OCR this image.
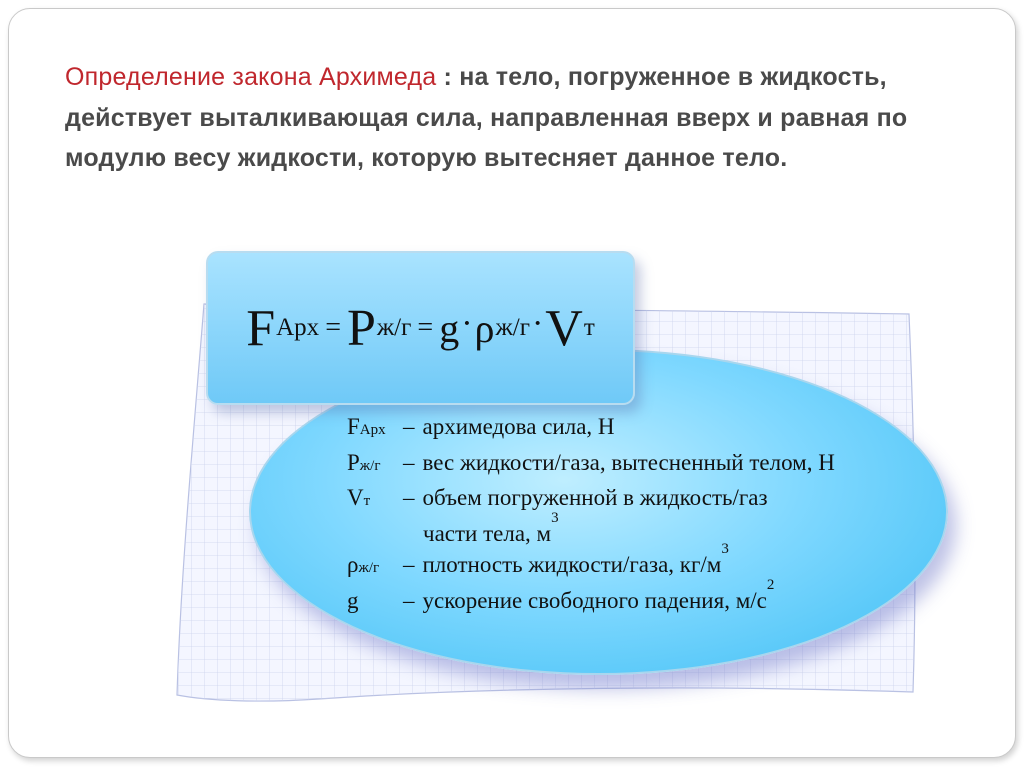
Определение закона Архимеда : на тело, погруженное в жидкость, действует выталкивающая сила, направленная вверх и равная по модулю весу жидкости, которую вытесняет данное тело.
FАрх – архимедова сила, Н
Pж/г – вес жидкости/газа, вытесненный телом, Н
Vт	– объем погруженной в жидкость/газ
части тела, м
3
ρж/г	– плотность жидкости/газа, кг/м
3
g	– ускорение свободного падения, м/с
2
F Арх = P ж/г = g · ρ ж/г · V т
